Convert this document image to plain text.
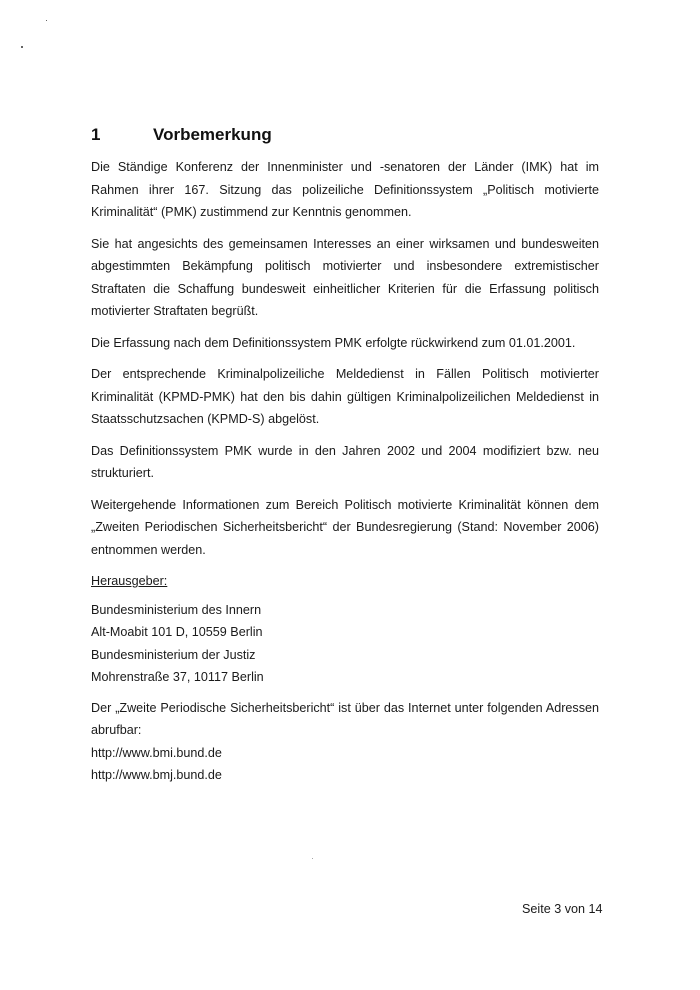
1	Vorbemerkung

Die Ständige Konferenz der Innenminister und -senatoren der Länder (IMK) hat im Rahmen ihrer 167. Sitzung das polizeiliche Definitionssystem „Politisch motivierte Kriminalität“ (PMK) zustimmend zur Kenntnis genommen.

Sie hat angesichts des gemeinsamen Interesses an einer wirksamen und bundesweiten abgestimmten Bekämpfung politisch motivierter und insbesondere extremistischer Straftaten die Schaffung bundesweit einheitlicher Kriterien für die Erfassung politisch motivierter Straftaten begrüßt.

Die Erfassung nach dem Definitionssystem PMK erfolgte rückwirkend zum 01.01.2001.

Der entsprechende Kriminalpolizeiliche Meldedienst in Fällen Politisch motivierter Kriminalität (KPMD-PMK) hat den bis dahin gültigen Kriminalpolizeilichen Meldedienst in Staatsschutzsachen (KPMD-S) abgelöst.

Das Definitionssystem PMK wurde in den Jahren 2002 und 2004 modifiziert bzw. neu strukturiert.

Weitergehende Informationen zum Bereich Politisch motivierte Kriminalität können dem „Zweiten Periodischen Sicherheitsbericht“ der Bundesregierung (Stand: November 2006) entnommen werden.

Herausgeber:

Bundesministerium des Innern

Alt-Moabit 101 D, 10559 Berlin

Bundesministerium der Justiz

Mohrenstraße 37, 10117 Berlin

Der „Zweite Periodische Sicherheitsbericht“ ist über das Internet unter folgenden Adressen abrufbar:

http://www.bmi.bund.de

http://www.bmj.bund.de

Seite 3 von 14
